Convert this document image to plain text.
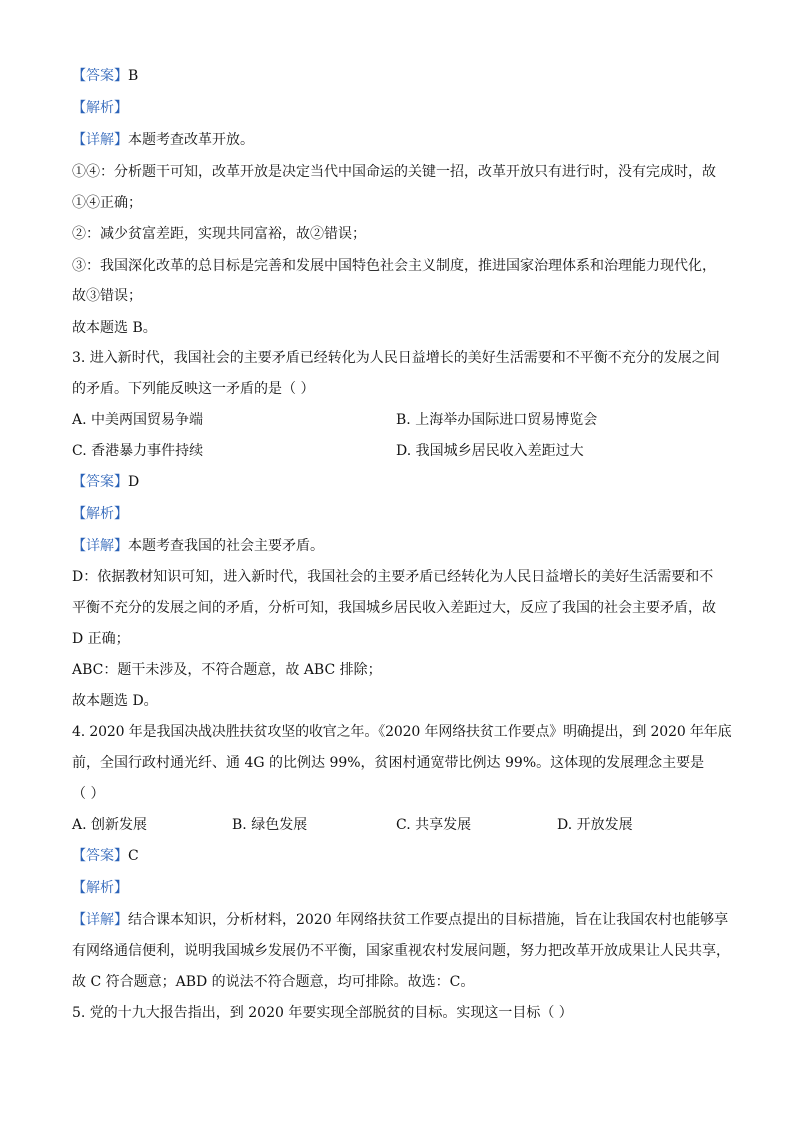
【答案】B
【解析】
【详解】本题考查改革开放。
①④：分析题干可知，改革开放是决定当代中国命运的关键一招，改革开放只有进行时，没有完成时，故
①④正确；
②：减少贫富差距，实现共同富裕，故②错误；
③：我国深化改革的总目标是完善和发展中国特色社会主义制度，推进国家治理体系和治理能力现代化，
故③错误；
故本题选 B。
3. 进入新时代，我国社会的主要矛盾已经转化为人民日益增长的美好生活需要和不平衡不充分的发展之间
的矛盾。下列能反映这一矛盾的是（ ）
A. 中美两国贸易争端	B. 上海举办国际进口贸易博览会
C. 香港暴力事件持续	D. 我国城乡居民收入差距过大
【答案】D
【解析】
【详解】本题考查我国的社会主要矛盾。
D：依据教材知识可知，进入新时代，我国社会的主要矛盾已经转化为人民日益增长的美好生活需要和不
平衡不充分的发展之间的矛盾，分析可知，我国城乡居民收入差距过大，反应了我国的社会主要矛盾，故
D 正确；
ABC：题干未涉及，不符合题意，故 ABC 排除；
故本题选 D。
4. 2020 年是我国决战决胜扶贫攻坚的收官之年。《2020 年网络扶贫工作要点》明确提出，到 2020 年年底
前，全国行政村通光纤、通 4G 的比例达 99%，贫困村通宽带比例达 99%。这体现的发展理念主要是
（ ）
A. 创新发展	B. 绿色发展	C. 共享发展	D. 开放发展
【答案】C
【解析】
【详解】结合课本知识，分析材料，2020 年网络扶贫工作要点提出的目标措施，旨在让我国农村也能够享
有网络通信便利，说明我国城乡发展仍不平衡，国家重视农村发展问题，努力把改革开放成果让人民共享，
故 C 符合题意；ABD 的说法不符合题意，均可排除。故选：C。
5. 党的十九大报告指出，到 2020 年要实现全部脱贫的目标。实现这一目标（ ）
